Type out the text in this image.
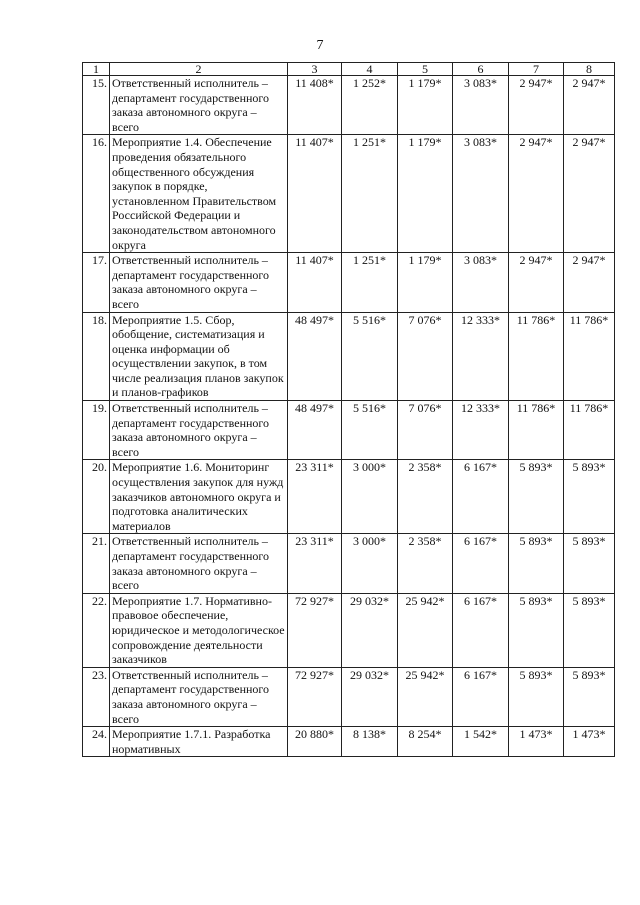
7
1	2	3	4	5	6	7	8
15.	Ответственный исполнитель – департамент государственного заказа автономного округа – всего	11 408*	1 252*	1 179*	3 083*	2 947*	2 947*
16.	Мероприятие 1.4. Обеспечение проведения обязательного общественного обсуждения закупок в порядке, установленном Правительством Российской Федерации и законодательством автономного округа	11 407*	1 251*	1 179*	3 083*	2 947*	2 947*
17.	Ответственный исполнитель – департамент государственного заказа автономного округа – всего	11 407*	1 251*	1 179*	3 083*	2 947*	2 947*
18.	Мероприятие 1.5. Сбор, обобщение, систематизация и оценка информации об осуществлении закупок, в том числе реализация планов закупок и планов-графиков	48 497*	5 516*	7 076*	12 333*	11 786*	11 786*
19.	Ответственный исполнитель – департамент государственного заказа автономного округа – всего	48 497*	5 516*	7 076*	12 333*	11 786*	11 786*
20.	Мероприятие 1.6. Мониторинг осуществления закупок для нужд заказчиков автономного округа и подготовка аналитических материалов	23 311*	3 000*	2 358*	6 167*	5 893*	5 893*
21.	Ответственный исполнитель – департамент государственного заказа автономного округа – всего	23 311*	3 000*	2 358*	6 167*	5 893*	5 893*
22.	Мероприятие 1.7. Нормативно-правовое обеспечение, юридическое и методологическое сопровождение деятельности заказчиков	72 927*	29 032*	25 942*	6 167*	5 893*	5 893*
23.	Ответственный исполнитель – департамент государственного заказа автономного округа – всего	72 927*	29 032*	25 942*	6 167*	5 893*	5 893*
24.	Мероприятие 1.7.1. Разработка нормативных	20 880*	8 138*	8 254*	1 542*	1 473*	1 473*
